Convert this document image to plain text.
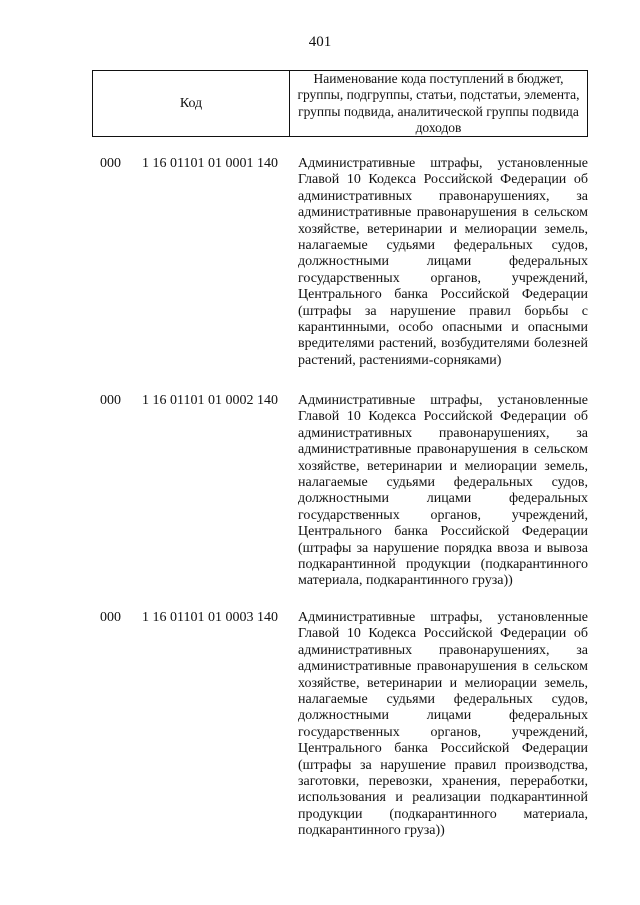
401
Код
Наименование кода поступлений в бюджет, группы, подгруппы, статьи, подстатьи, элемента, группы подвида, аналитической группы подвида доходов
000 1 16 01101 01 0001 140 Административные штрафы, установленные Главой 10 Кодекса Российской Федерации об административных правонарушениях, за административные правонарушения в сельском хозяйстве, ветеринарии и мелиорации земель, налагаемые судьями федеральных судов, должностными лицами федеральных государственных органов, учреждений, Центрального банка Российской Федерации (штрафы за нарушение правил борьбы с карантинными, особо опасными и опасными вредителями растений, возбудителями болезней растений, растениями-сорняками)
000 1 16 01101 01 0002 140 Административные штрафы, установленные Главой 10 Кодекса Российской Федерации об административных правонарушениях, за административные правонарушения в сельском хозяйстве, ветеринарии и мелиорации земель, налагаемые судьями федеральных судов, должностными лицами федеральных государственных органов, учреждений, Центрального банка Российской Федерации (штрафы за нарушение порядка ввоза и вывоза подкарантинной продукции (подкарантинного материала, подкарантинного груза))
000 1 16 01101 01 0003 140 Административные штрафы, установленные Главой 10 Кодекса Российской Федерации об административных правонарушениях, за административные правонарушения в сельском хозяйстве, ветеринарии и мелиорации земель, налагаемые судьями федеральных судов, должностными лицами федеральных государственных органов, учреждений, Центрального банка Российской Федерации (штрафы за нарушение правил производства, заготовки, перевозки, хранения, переработки, использования и реализации подкарантинной продукции (подкарантинного материала, подкарантинного груза))
